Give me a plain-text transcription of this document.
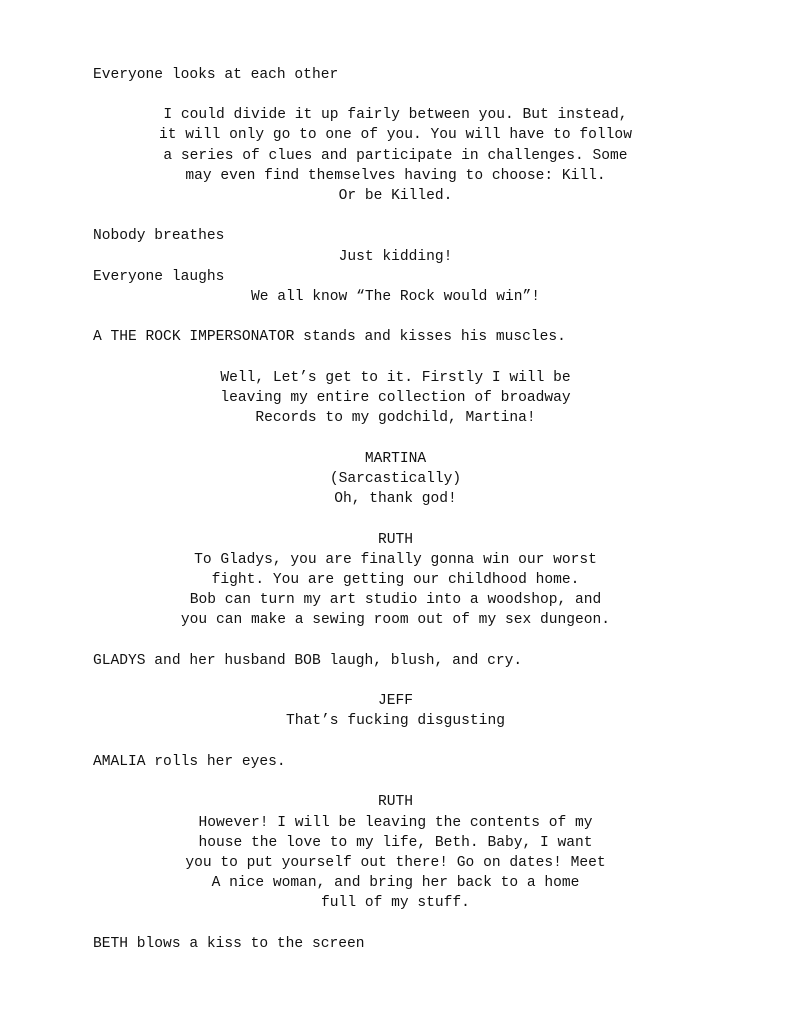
Everyone looks at each other
I could divide it up fairly between you. But instead,
it will only go to one of you. You will have to follow
a series of clues and participate in challenges. Some
may even find themselves having to choose: Kill.
Or be Killed.
Nobody breathes
Just kidding!
Everyone laughs
We all know “The Rock would win”!
A THE ROCK IMPERSONATOR stands and kisses his muscles.
Well, Let’s get to it. Firstly I will be
leaving my entire collection of broadway
Records to my godchild, Martina!
MARTINA
(Sarcastically)
Oh, thank god!
RUTH
To Gladys, you are finally gonna win our worst
fight. You are getting our childhood home.
Bob can turn my art studio into a woodshop, and
you can make a sewing room out of my sex dungeon.
GLADYS and her husband BOB laugh, blush, and cry.
JEFF
That’s fucking disgusting
AMALIA rolls her eyes.
RUTH
However! I will be leaving the contents of my
house the love to my life, Beth. Baby, I want
you to put yourself out there! Go on dates! Meet
A nice woman, and bring her back to a home
full of my stuff.
BETH blows a kiss to the screen
